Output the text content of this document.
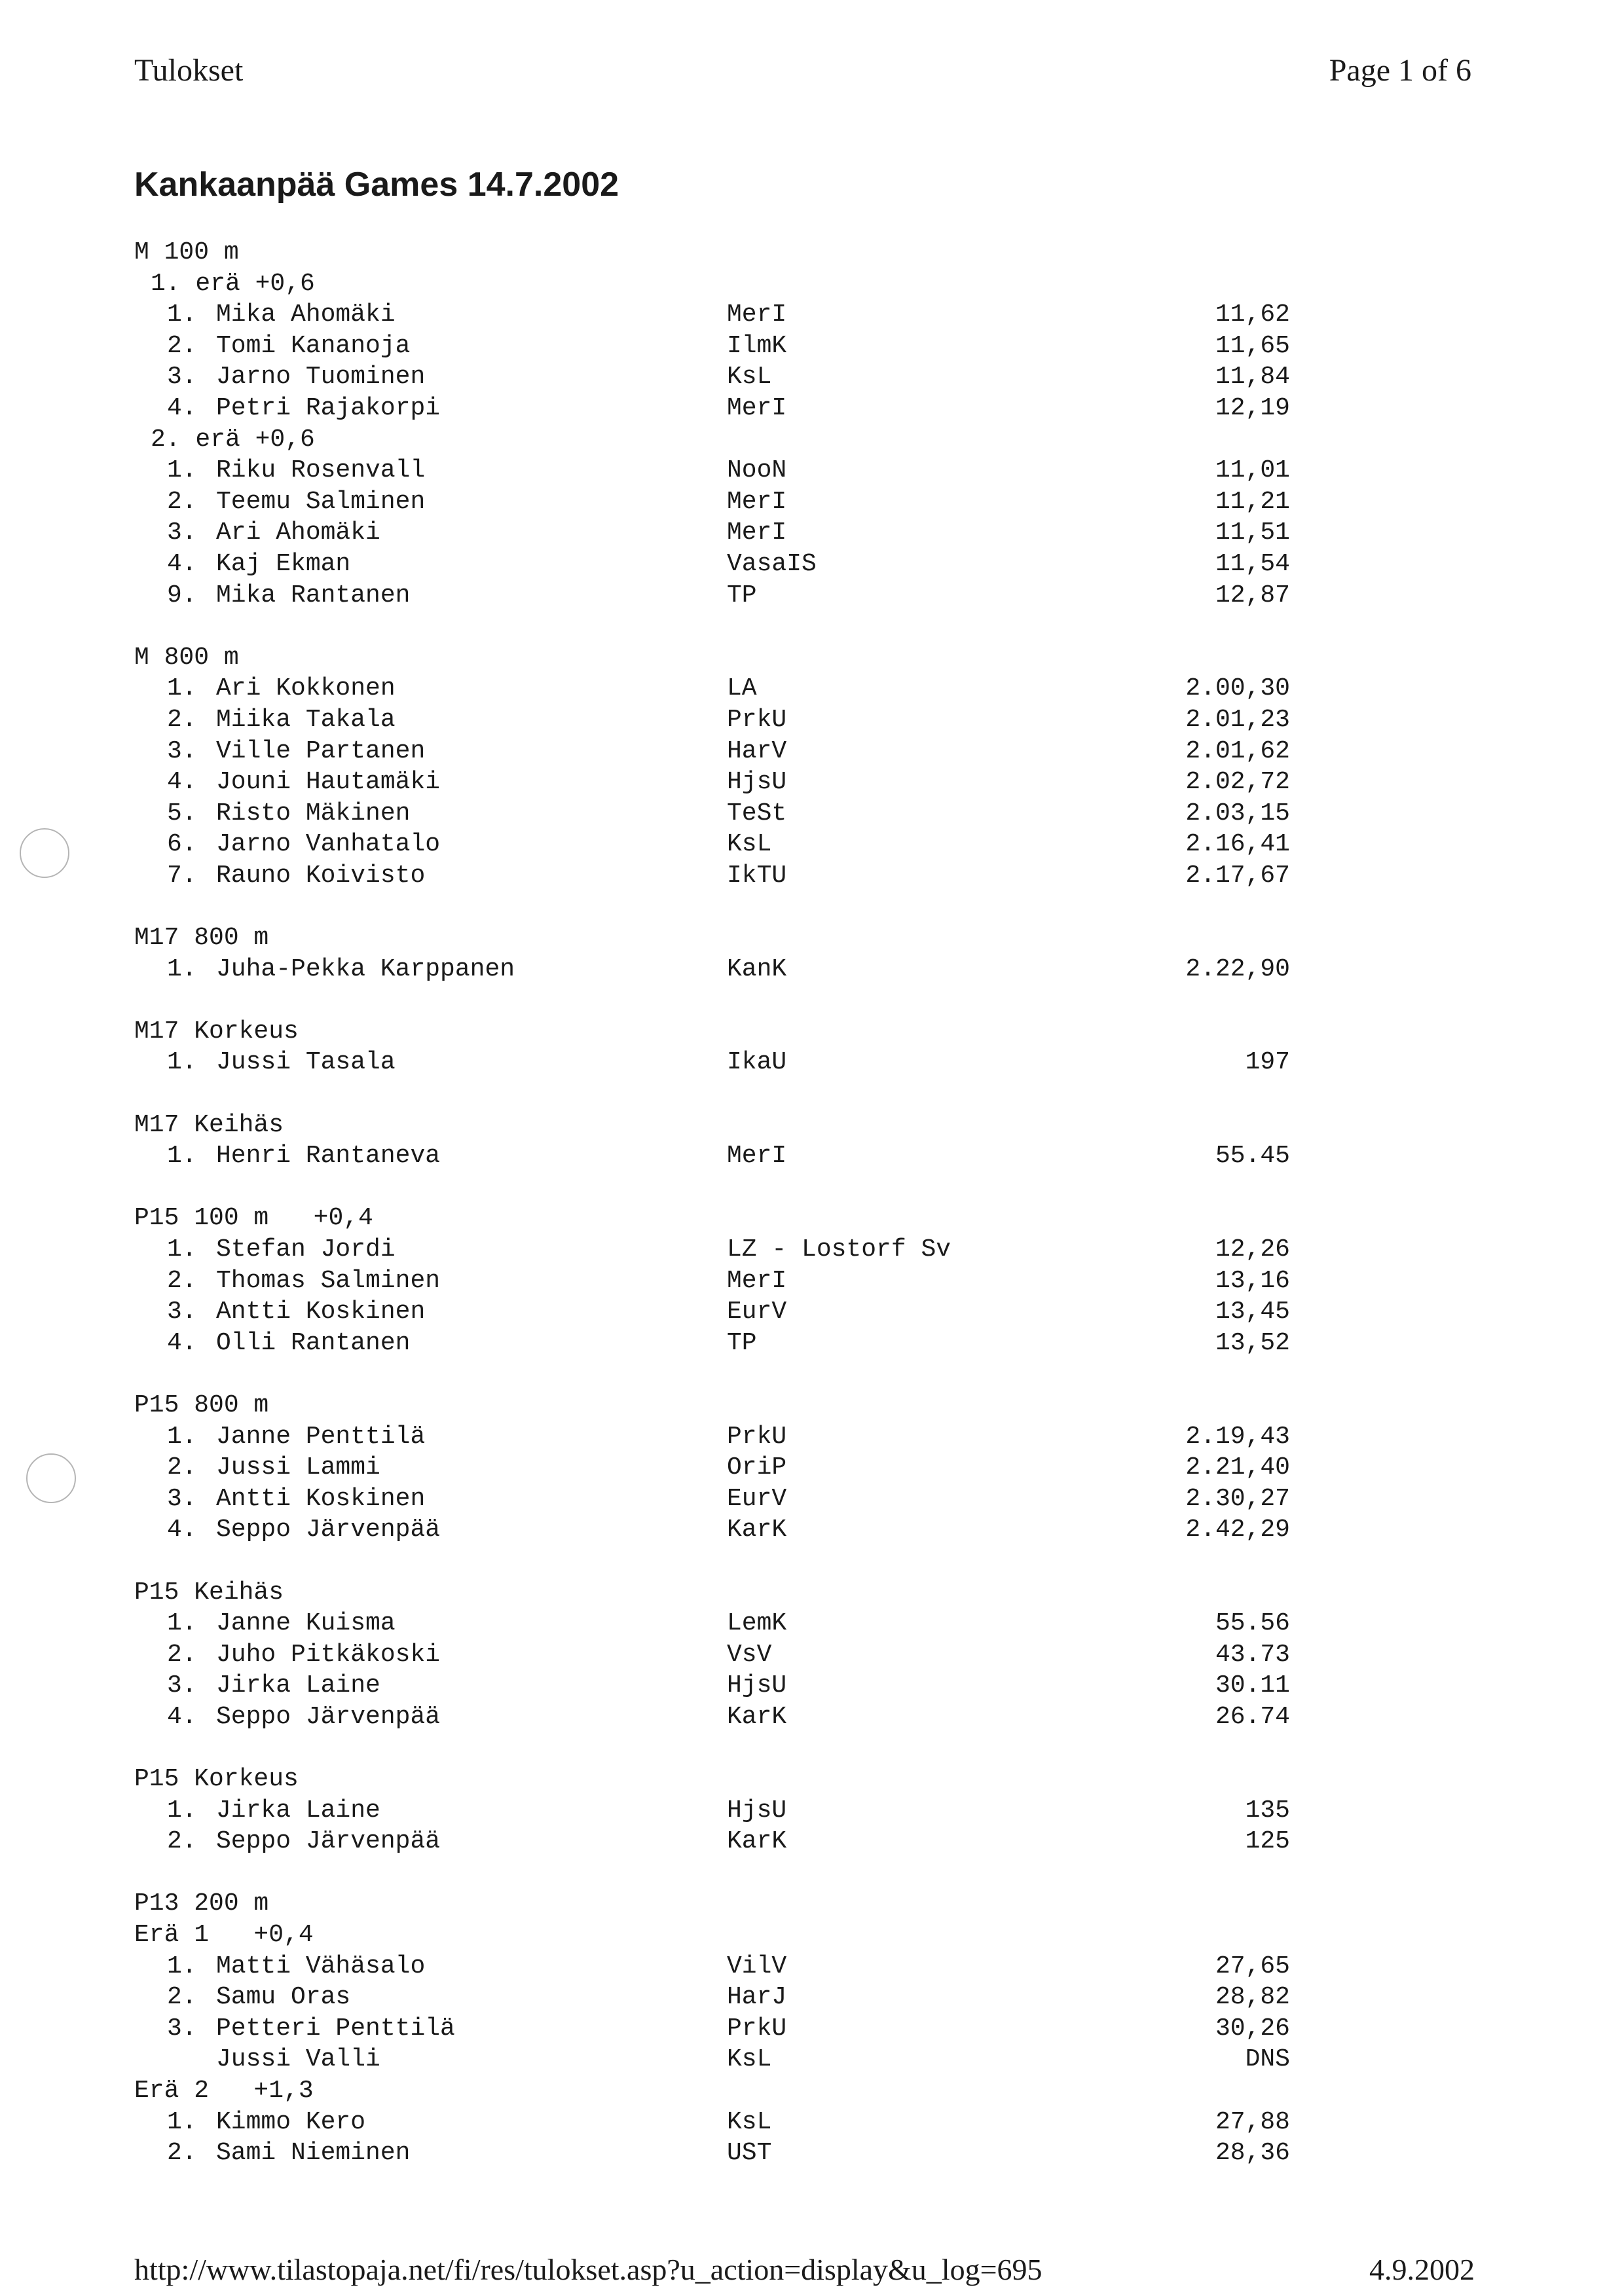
Tulokset	Page 1 of 6
Kankaanpää Games 14.7.2002
M 100 m
1. erä +0,6
1. Mika Ahomäki	MerI	11,62
2. Tomi Kananoja	IlmK	11,65
3. Jarno Tuominen	KsL	11,84
4. Petri Rajakorpi	MerI	12,19
2. erä +0,6
1. Riku Rosenvall	NooN	11,01
2. Teemu Salminen	MerI	11,21
3. Ari Ahomäki	MerI	11,51
4. Kaj Ekman	VasaIS	11,54
9. Mika Rantanen	TP	12,87
M 800 m
1. Ari Kokkonen	LA	2.00,30
2. Miika Takala	PrkU	2.01,23
3. Ville Partanen	HarV	2.01,62
4. Jouni Hautamäki	HjsU	2.02,72
5. Risto Mäkinen	TeSt	2.03,15
6. Jarno Vanhatalo	KsL	2.16,41
7. Rauno Koivisto	IkTU	2.17,67
M17 800 m
1. Juha-Pekka Karppanen	KanK	2.22,90
M17 Korkeus
1. Jussi Tasala	IkaU	197
M17 Keihäs
1. Henri Rantaneva	MerI	55.45
P15 100 m   +0,4
1. Stefan Jordi	LZ - Lostorf Sv	12,26
2. Thomas Salminen	MerI	13,16
3. Antti Koskinen	EurV	13,45
4. Olli Rantanen	TP	13,52
P15 800 m
1. Janne Penttilä	PrkU	2.19,43
2. Jussi Lammi	OriP	2.21,40
3. Antti Koskinen	EurV	2.30,27
4. Seppo Järvenpää	KarK	2.42,29
P15 Keihäs
1. Janne Kuisma	LemK	55.56
2. Juho Pitkäkoski	VsV	43.73
3. Jirka Laine	HjsU	30.11
4. Seppo Järvenpää	KarK	26.74
P15 Korkeus
1. Jirka Laine	HjsU	135
2. Seppo Järvenpää	KarK	125
P13 200 m
Erä 1   +0,4
1. Matti Vähäsalo	VilV	27,65
2. Samu Oras	HarJ	28,82
3. Petteri Penttilä	PrkU	30,26
Jussi Valli	KsL	DNS
Erä 2   +1,3
1. Kimmo Kero	KsL	27,88
2. Sami Nieminen	UST	28,36
http://www.tilastopaja.net/fi/res/tulokset.asp?u_action=display&u_log=695	4.9.2002
